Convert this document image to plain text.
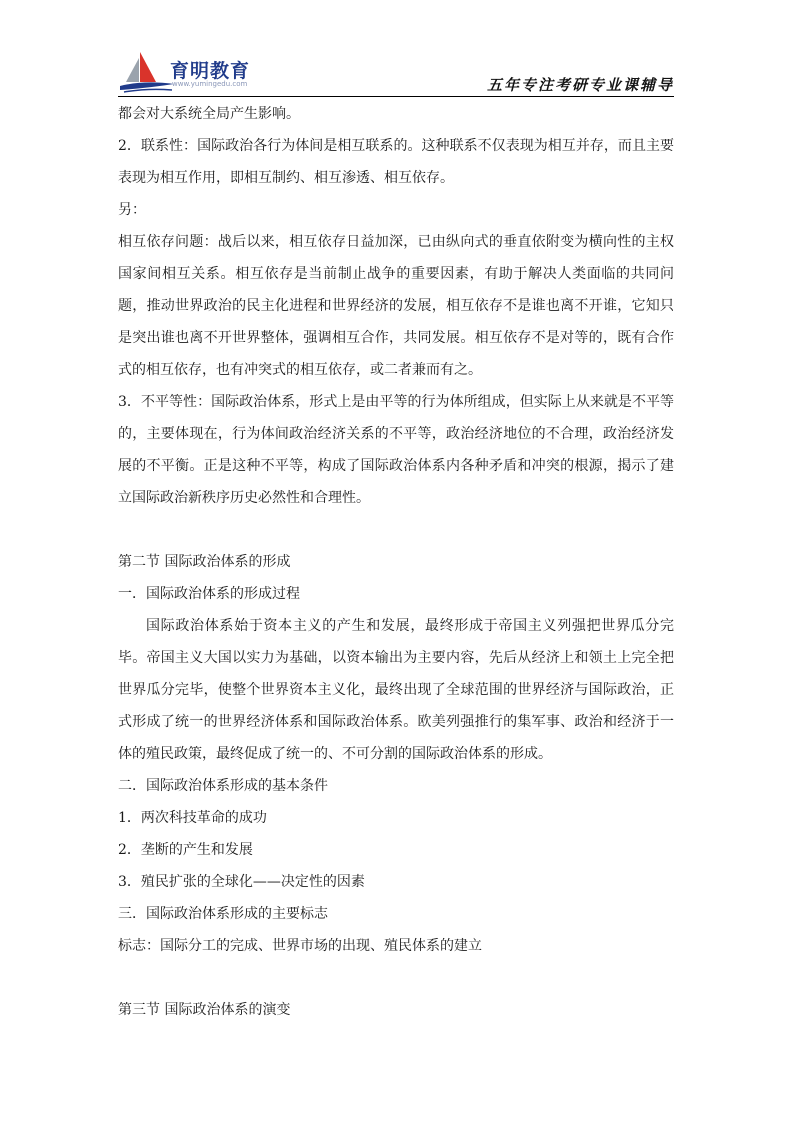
育明教育
www.yumingedu.com	五年专注考研专业课辅导

都会对大系统全局产生影响。

2．联系性：国际政治各行为体间是相互联系的。这种联系不仅表现为相互并存，而且主要表现为相互作用，即相互制约、相互渗透、相互依存。

另：

相互依存问题：战后以来，相互依存日益加深，已由纵向式的垂直依附变为横向性的主权国家间相互关系。相互依存是当前制止战争的重要因素，有助于解决人类面临的共同问题，推动世界政治的民主化进程和世界经济的发展，相互依存不是谁也离不开谁，它知只是突出谁也离不开世界整体，强调相互合作，共同发展。相互依存不是对等的，既有合作式的相互依存，也有冲突式的相互依存，或二者兼而有之。

3．不平等性：国际政治体系，形式上是由平等的行为体所组成，但实际上从来就是不平等的，主要体现在，行为体间政治经济关系的不平等，政治经济地位的不合理，政治经济发展的不平衡。正是这种不平等，构成了国际政治体系内各种矛盾和冲突的根源，揭示了建立国际政治新秩序历史必然性和合理性。

第二节 国际政治体系的形成

一．国际政治体系的形成过程

国际政治体系始于资本主义的产生和发展，最终形成于帝国主义列强把世界瓜分完毕。帝国主义大国以实力为基础，以资本输出为主要内容，先后从经济上和领土上完全把世界瓜分完毕，使整个世界资本主义化，最终出现了全球范围的世界经济与国际政治，正式形成了统一的世界经济体系和国际政治体系。欧美列强推行的集军事、政治和经济于一体的殖民政策，最终促成了统一的、不可分割的国际政治体系的形成。

二．国际政治体系形成的基本条件

1．两次科技革命的成功

2．垄断的产生和发展

3．殖民扩张的全球化——决定性的因素

三．国际政治体系形成的主要标志

标志：国际分工的完成、世界市场的出现、殖民体系的建立

第三节 国际政治体系的演变
